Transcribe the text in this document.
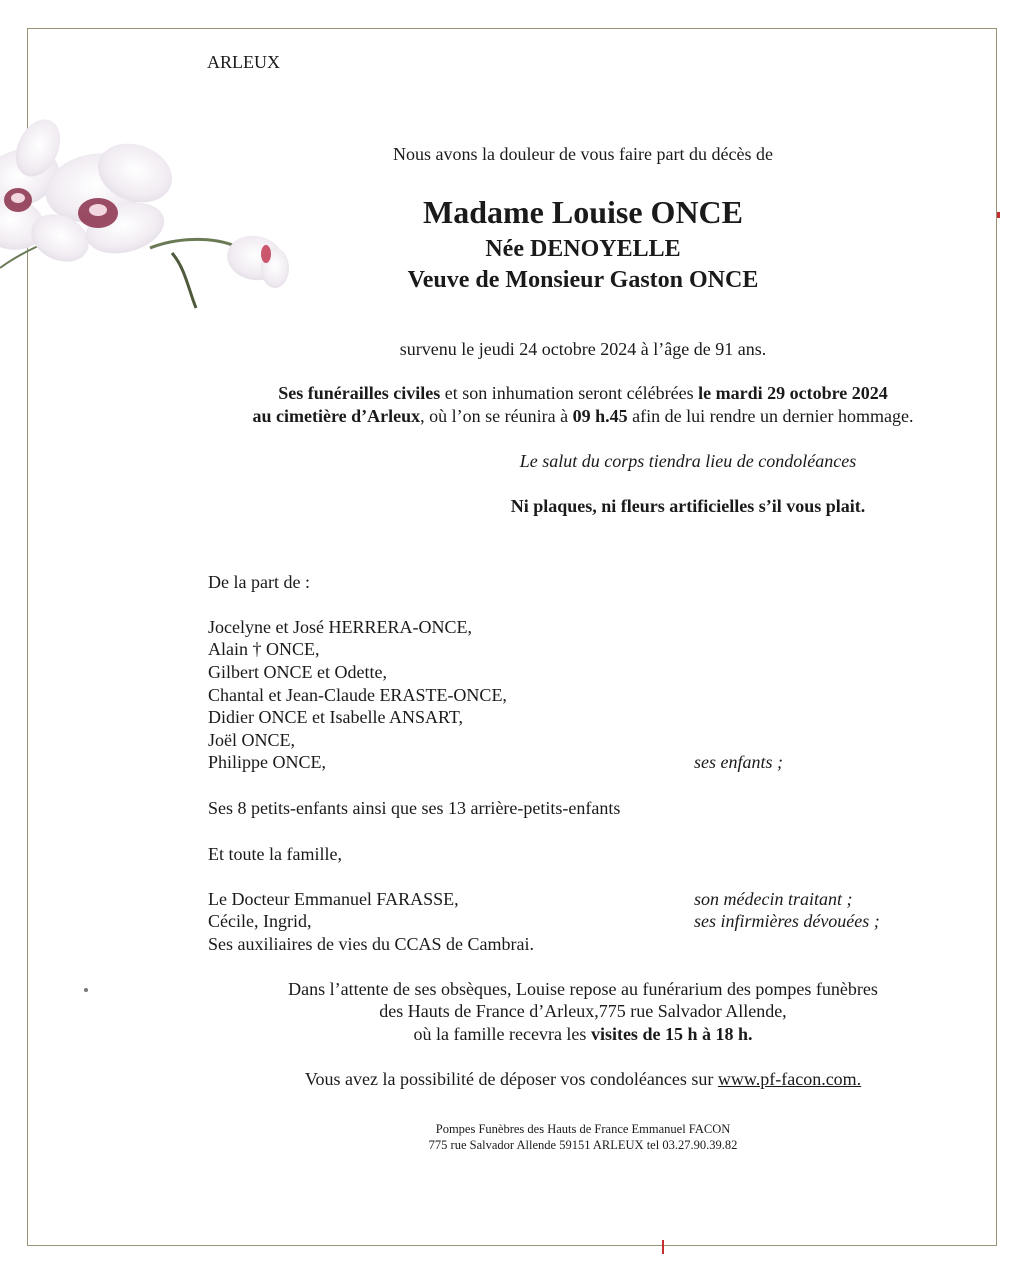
ARLEUX
Nous avons la douleur de vous faire part du décès de
Madame Louise ONCE
Née DENOYELLE
Veuve de Monsieur Gaston ONCE
survenu le jeudi 24 octobre 2024 à l’âge de 91 ans.
Ses funérailles civiles et son inhumation seront célébrées le mardi 29 octobre 2024
au cimetière d’Arleux, où l’on se réunira à 09 h.45 afin de lui rendre un dernier hommage.
Le salut du corps tiendra lieu de condoléances
Ni plaques, ni fleurs artificielles s’il vous plait.
De la part de :
Jocelyne et José HERRERA-ONCE,
Alain † ONCE,
Gilbert ONCE et Odette,
Chantal et Jean-Claude ERASTE-ONCE,
Didier ONCE et Isabelle ANSART,
Joël ONCE,
Philippe ONCE,	ses enfants ;
Ses 8 petits-enfants ainsi que ses 13 arrière-petits-enfants
Et toute la famille,
Le Docteur Emmanuel FARASSE,	son médecin traitant ;
Cécile, Ingrid,	ses infirmières dévouées ;
Ses auxiliaires de vies du CCAS de Cambrai.
Dans l’attente de ses obsèques, Louise repose au funérarium des pompes funèbres
des Hauts de France d’Arleux,775 rue Salvador Allende,
où la famille recevra les visites de 15 h à 18 h.
Vous avez la possibilité de déposer vos condoléances sur www.pf-facon.com.
Pompes Funèbres des Hauts de France Emmanuel FACON
775 rue Salvador Allende 59151 ARLEUX tel 03.27.90.39.82
